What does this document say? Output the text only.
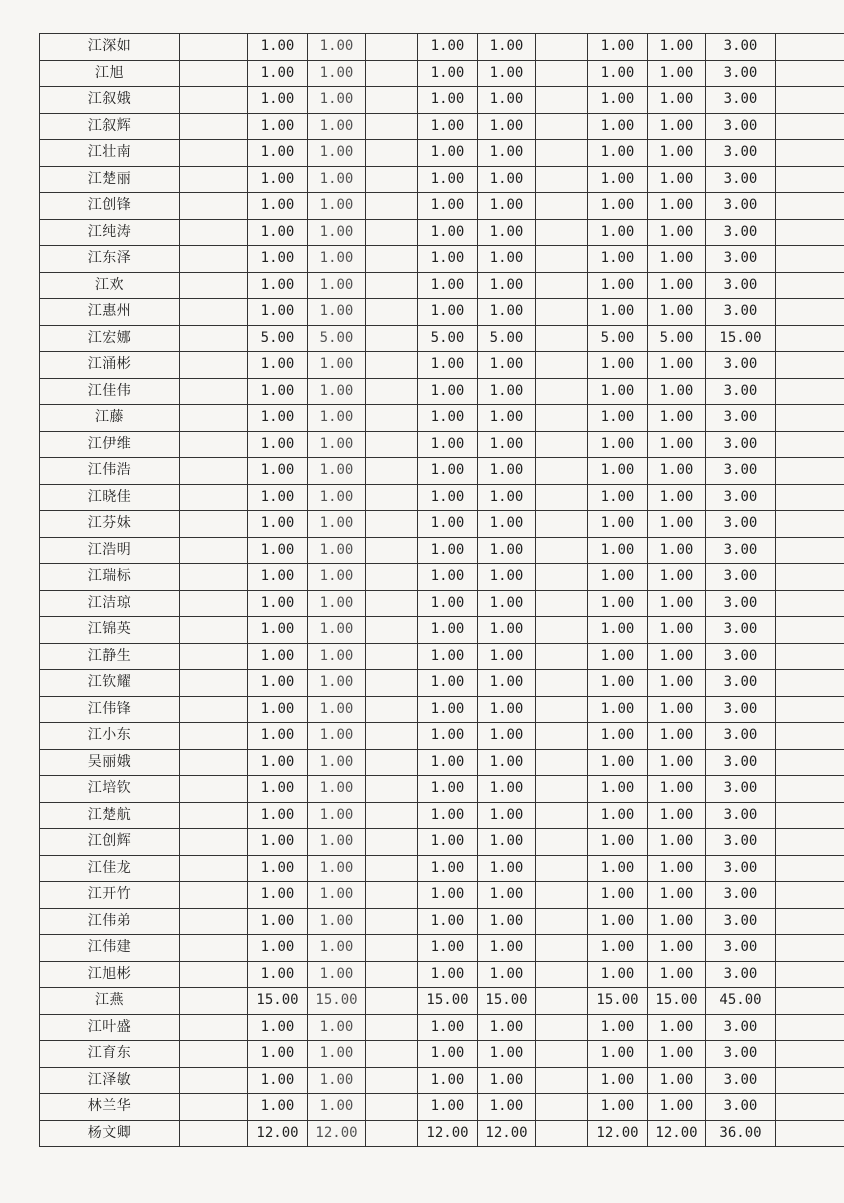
江深如		1.00	1.00		1.00	1.00		1.00	1.00	3.00	
江旭		1.00	1.00		1.00	1.00		1.00	1.00	3.00	
江叙娥		1.00	1.00		1.00	1.00		1.00	1.00	3.00	
江叙辉		1.00	1.00		1.00	1.00		1.00	1.00	3.00	
江壮南		1.00	1.00		1.00	1.00		1.00	1.00	3.00	
江楚丽		1.00	1.00		1.00	1.00		1.00	1.00	3.00	
江创锋		1.00	1.00		1.00	1.00		1.00	1.00	3.00	
江纯涛		1.00	1.00		1.00	1.00		1.00	1.00	3.00	
江东泽		1.00	1.00		1.00	1.00		1.00	1.00	3.00	
江欢		1.00	1.00		1.00	1.00		1.00	1.00	3.00	
江惠州		1.00	1.00		1.00	1.00		1.00	1.00	3.00	
江宏娜		5.00	5.00		5.00	5.00		5.00	5.00	15.00	
江涌彬		1.00	1.00		1.00	1.00		1.00	1.00	3.00	
江佳伟		1.00	1.00		1.00	1.00		1.00	1.00	3.00	
江藤		1.00	1.00		1.00	1.00		1.00	1.00	3.00	
江伊维		1.00	1.00		1.00	1.00		1.00	1.00	3.00	
江伟浩		1.00	1.00		1.00	1.00		1.00	1.00	3.00	
江晓佳		1.00	1.00		1.00	1.00		1.00	1.00	3.00	
江芬妹		1.00	1.00		1.00	1.00		1.00	1.00	3.00	
江浩明		1.00	1.00		1.00	1.00		1.00	1.00	3.00	
江瑞标		1.00	1.00		1.00	1.00		1.00	1.00	3.00	
江洁琼		1.00	1.00		1.00	1.00		1.00	1.00	3.00	
江锦英		1.00	1.00		1.00	1.00		1.00	1.00	3.00	
江静生		1.00	1.00		1.00	1.00		1.00	1.00	3.00	
江钦耀		1.00	1.00		1.00	1.00		1.00	1.00	3.00	
江伟锋		1.00	1.00		1.00	1.00		1.00	1.00	3.00	
江小东		1.00	1.00		1.00	1.00		1.00	1.00	3.00	
吴丽娥		1.00	1.00		1.00	1.00		1.00	1.00	3.00	
江培钦		1.00	1.00		1.00	1.00		1.00	1.00	3.00	
江楚航		1.00	1.00		1.00	1.00		1.00	1.00	3.00	
江创辉		1.00	1.00		1.00	1.00		1.00	1.00	3.00	
江佳龙		1.00	1.00		1.00	1.00		1.00	1.00	3.00	
江开竹		1.00	1.00		1.00	1.00		1.00	1.00	3.00	
江伟弟		1.00	1.00		1.00	1.00		1.00	1.00	3.00	
江伟建		1.00	1.00		1.00	1.00		1.00	1.00	3.00	
江旭彬		1.00	1.00		1.00	1.00		1.00	1.00	3.00	
江燕		15.00	15.00		15.00	15.00		15.00	15.00	45.00	
江叶盛		1.00	1.00		1.00	1.00		1.00	1.00	3.00	
江育东		1.00	1.00		1.00	1.00		1.00	1.00	3.00	
江泽敏		1.00	1.00		1.00	1.00		1.00	1.00	3.00	
林兰华		1.00	1.00		1.00	1.00		1.00	1.00	3.00	
杨文卿		12.00	12.00		12.00	12.00		12.00	12.00	36.00	
